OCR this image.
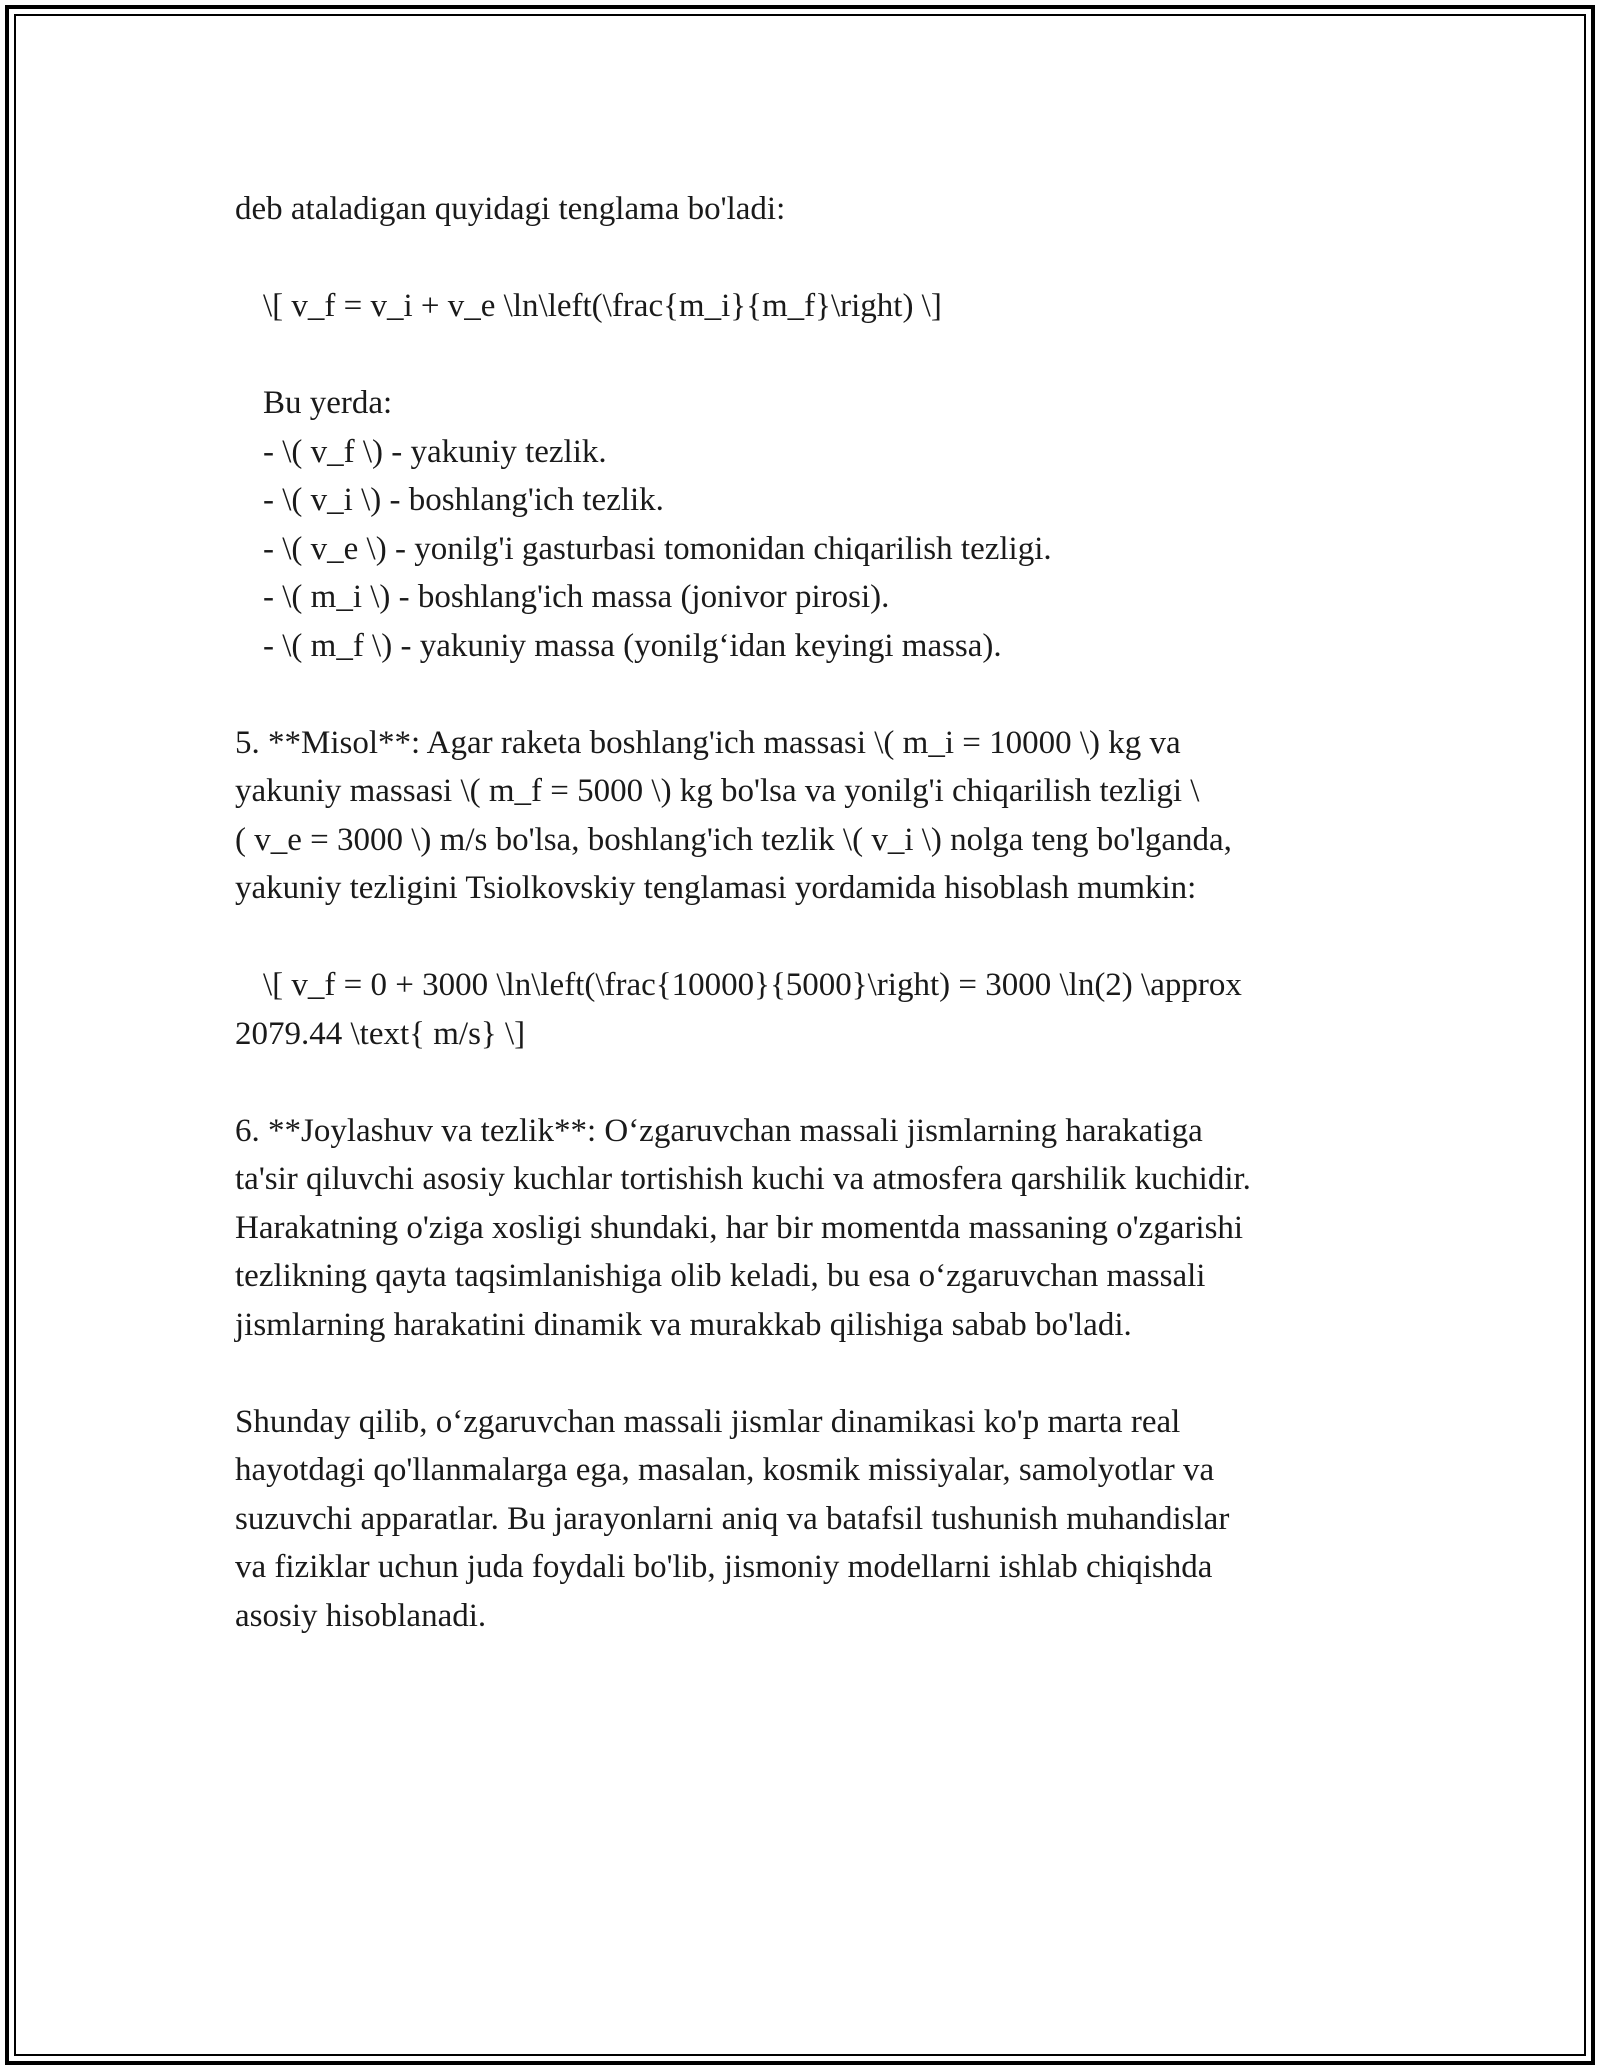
deb ataladigan quyidagi tenglama bo'ladi:
\[ v_f = v_i + v_e \ln\left(\frac{m_i}{m_f}\right) \]
Bu yerda:
- \( v_f \) - yakuniy tezlik.
- \( v_i \) - boshlang'ich tezlik.
- \( v_e \) - yonilg'i gasturbasi tomonidan chiqarilish tezligi.
- \( m_i \) - boshlang'ich massa (jonivor pirosi).
- \( m_f \) - yakuniy massa (yonilg‘idan keyingi massa).
5. **Misol**: Agar raketa boshlang'ich massasi \( m_i = 10000 \) kg va
yakuniy massasi \( m_f = 5000 \) kg bo'lsa va yonilg'i chiqarilish tezligi \
( v_e = 3000 \) m/s bo'lsa, boshlang'ich tezlik \( v_i \) nolga teng bo'lganda,
yakuniy tezligini Tsiolkovskiy tenglamasi yordamida hisoblash mumkin:
\[ v_f = 0 + 3000 \ln\left(\frac{10000}{5000}\right) = 3000 \ln(2) \approx
2079.44 \text{ m/s} \]
6. **Joylashuv va tezlik**: O‘zgaruvchan massali jismlarning harakatiga
ta'sir qiluvchi asosiy kuchlar tortishish kuchi va atmosfera qarshilik kuchidir.
Harakatning o'ziga xosligi shundaki, har bir momentda massaning o'zgarishi
tezlikning qayta taqsimlanishiga olib keladi, bu esa o‘zgaruvchan massali
jismlarning harakatini dinamik va murakkab qilishiga sabab bo'ladi.
Shunday qilib, o‘zgaruvchan massali jismlar dinamikasi ko'p marta real
hayotdagi qo'llanmalarga ega, masalan, kosmik missiyalar, samolyotlar va
suzuvchi apparatlar. Bu jarayonlarni aniq va batafsil tushunish muhandislar
va fiziklar uchun juda foydali bo'lib, jismoniy modellarni ishlab chiqishda
asosiy hisoblanadi.
